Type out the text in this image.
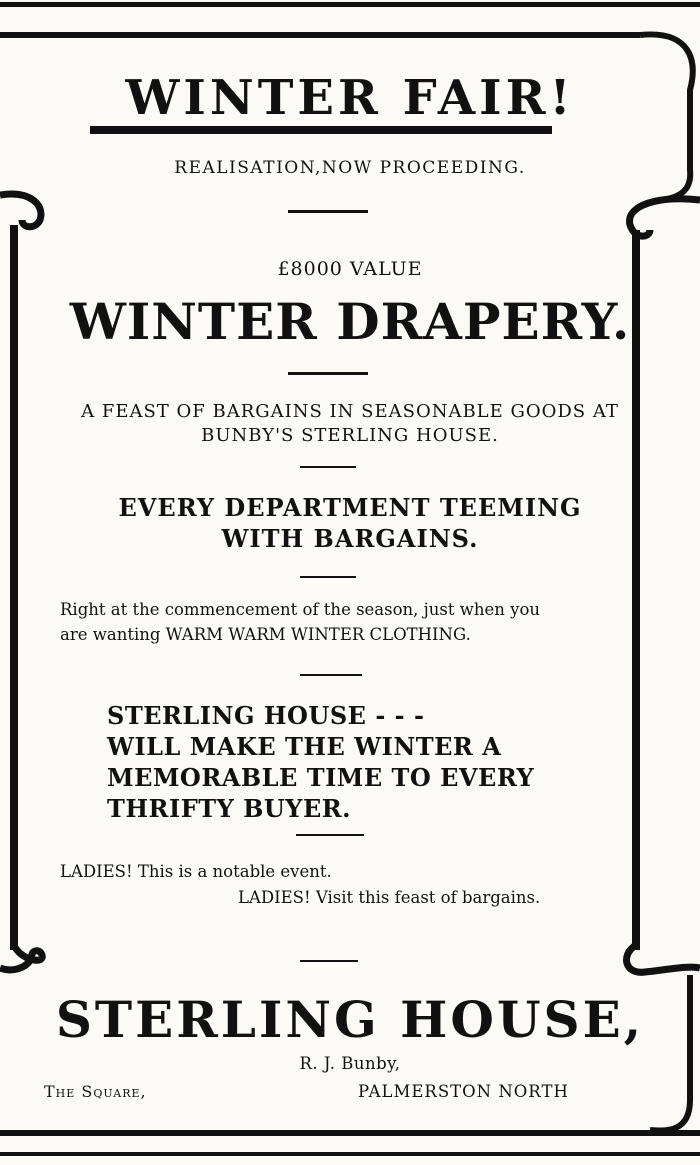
WINTER FAIR!
REALISATION,NOW PROCEEDING.
£8000 VALUE
WINTER DRAPERY.
A FEAST OF BARGAINS IN SEASONABLE GOODS AT BUNBY'S STERLING HOUSE.
EVERY DEPARTMENT TEEMING
WITH BARGAINS.
Right at the commencement of the season, just when you
are wanting WARM WARM WINTER CLOTHING.
STERLING HOUSE - - -
WILL MAKE THE WINTER A
MEMORABLE TIME TO EVERY
THRIFTY BUYER.
LADIES! This is a notable event.
LADIES! Visit this feast of bargains.
STERLING HOUSE,
R. J. Bunby,
The Square,	PALMERSTON NORTH
